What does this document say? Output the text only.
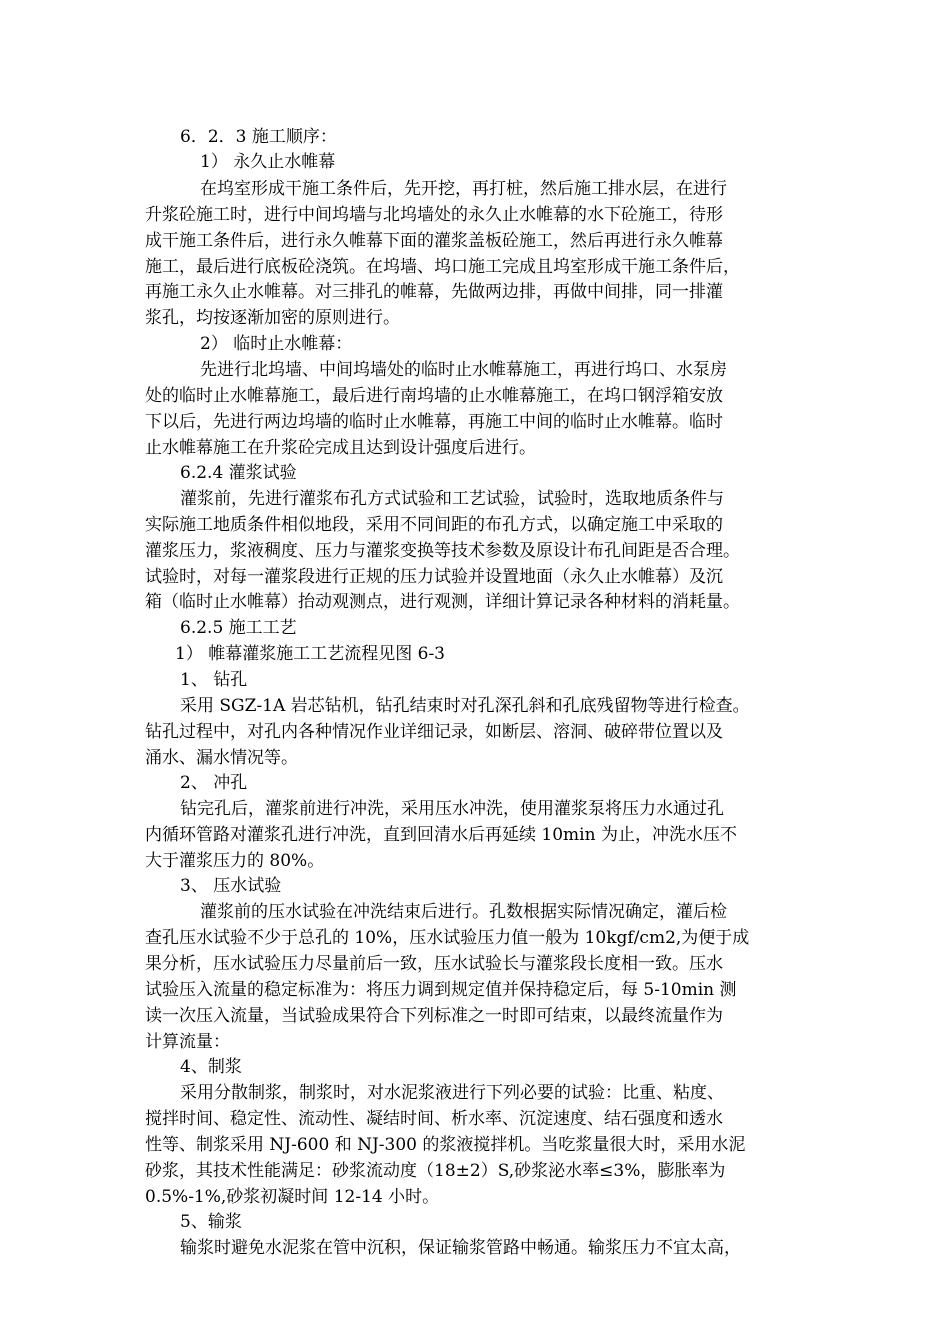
6．2．3 施工顺序：
1） 永久止水帷幕
在坞室形成干施工条件后，先开挖，再打桩，然后施工排水层，在进行
升浆砼施工时，进行中间坞墙与北坞墙处的永久止水帷幕的水下砼施工，待形
成干施工条件后，进行永久帷幕下面的灌浆盖板砼施工，然后再进行永久帷幕
施工，最后进行底板砼浇筑。在坞墙、坞口施工完成且坞室形成干施工条件后，
再施工永久止水帷幕。对三排孔的帷幕，先做两边排，再做中间排，同一排灌
浆孔，均按逐渐加密的原则进行。
2） 临时止水帷幕：
先进行北坞墙、中间坞墙处的临时止水帷幕施工，再进行坞口、水泵房
处的临时止水帷幕施工，最后进行南坞墙的止水帷幕施工，在坞口钢浮箱安放
下以后，先进行两边坞墙的临时止水帷幕，再施工中间的临时止水帷幕。临时
止水帷幕施工在升浆砼完成且达到设计强度后进行。
6.2.4 灌浆试验
灌浆前，先进行灌浆布孔方式试验和工艺试验，试验时，选取地质条件与
实际施工地质条件相似地段，采用不同间距的布孔方式，以确定施工中采取的
灌浆压力，浆液稠度、压力与灌浆变换等技术参数及原设计布孔间距是否合理。
试验时，对每一灌浆段进行正规的压力试验并设置地面（永久止水帷幕）及沉
箱（临时止水帷幕）抬动观测点，进行观测，详细计算记录各种材料的消耗量。
6.2.5 施工工艺
1） 帷幕灌浆施工工艺流程见图 6-3
1、 钻孔
采用 SGZ-1A 岩芯钻机，钻孔结束时对孔深孔斜和孔底残留物等进行检查。
钻孔过程中，对孔内各种情况作业详细记录，如断层、溶洞、破碎带位置以及
涌水、漏水情况等。
2、 冲孔
钻完孔后，灌浆前进行冲洗，采用压水冲洗，使用灌浆泵将压力水通过孔
内循环管路对灌浆孔进行冲洗，直到回清水后再延续 10min 为止，冲洗水压不
大于灌浆压力的 80%。
3、 压水试验
灌浆前的压水试验在冲洗结束后进行。孔数根据实际情况确定，灌后检
查孔压水试验不少于总孔的 10%，压水试验压力值一般为 10kgf/cm2,为便于成
果分析，压水试验压力尽量前后一致，压水试验长与灌浆段长度相一致。压水
试验压入流量的稳定标准为：将压力调到规定值并保持稳定后，每 5-10min 测
读一次压入流量，当试验成果符合下列标准之一时即可结束，以最终流量作为
计算流量：
4、制浆
采用分散制浆，制浆时，对水泥浆液进行下列必要的试验：比重、粘度、
搅拌时间、稳定性、流动性、凝结时间、析水率、沉淀速度、结石强度和透水
性等、制浆采用 NJ-600 和 NJ-300 的浆液搅拌机。当吃浆量很大时，采用水泥
砂浆，其技术性能满足：砂浆流动度（18±2）S,砂浆泌水率≤3%，膨胀率为
0.5%-1%,砂浆初凝时间 12-14 小时。
5、输浆
输浆时避免水泥浆在管中沉积，保证输浆管路中畅通。输浆压力不宜太高，
